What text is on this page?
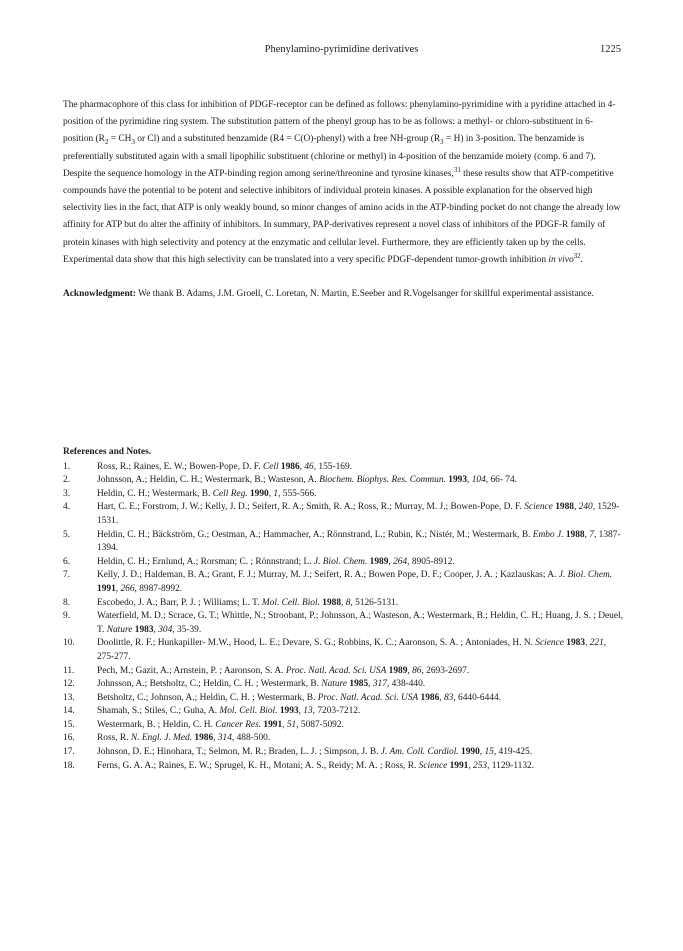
Phenylamino-pyrimidine derivatives	1225

The pharmacophore of this class for inhibition of PDGF-receptor can be defined as follows: phenylamino-pyrimidine with a pyridine attached in 4-position of the pyrimidine ring system. The substitution pattern of the phenyl group has to be as follows: a methyl- or chloro-substituent in 6-position ($R_2 = CH_3$ or Cl) and a substituted benzamide (R4 = C(O)-phenyl) with a free NH-group $(R_3 = H)$ in 3-position. The benzamide is preferentially substituted again with a small lipophilic substituent (chlorine or methyl) in 4-position of the benzamide moiety (comp. 6 and 7).

Despite the sequence homology in the ATP-binding region among serine/threonine and tyrosine kinases,$^{31}$ these results show that ATP-competitive compounds have the potential to be potent and selective inhibitors of individual protein kinases. A possible explanation for the observed high selectivity lies in the fact, that ATP is only weakly bound, so minor changes of amino acids in the ATP-binding pocket do not change the already low affinity for ATP but do alter the affinity of inhibitors. In summary, PAP-derivatives represent a novel class of inhibitors of the PDGF-R family of protein kinases with high selectivity and potency at the enzymatic and cellular level. Furthermore, they are efficiently taken up by the cells. Experimental data show that this high selectivity can be translated into a very specific PDGF-dependent tumor-growth inhibition in vivo$^{32}$.

Acknowledgment: We thank B. Adams, J.M. Groell, C. Loretan, N. Martin, E.Seeber and R.Vogelsanger for skillful experimental assistance.

References and Notes.
1.	Ross, R.; Raines, E. W.; Bowen-Pope, D. F. Cell 1986, 46, 155-169.
2.	Johnsson, A.; Heldin, C. H.; Westermark, B.; Wasteson, A. Biochem. Biophys. Res. Commun. 1993, 104, 66- 74.
3.	Heldin, C. H.; Westermark, B. Cell Reg. 1990, 1, 555-566.
4.	Hart, C. E.; Forstrom, J. W.; Kelly, J. D.; Seifert, R. A.; Smith, R. A.; Ross, R.; Murray, M. J.; Bowen-Pope, D. F. Science 1988, 240, 1529-1531.
5.	Heldin, C. H.; Bäckström, G.; Oestman, A.; Hammacher, A.; Rönnstrand, L.; Rubin, K.; Nistér, M.; Westermark, B. Embo J. 1988, 7, 1387-1394.
6.	Heldin, C. H.; Ernlund, A.; Rorsman; C. ; Rönnstrand; L. J. Biol. Chem. 1989, 264, 8905-8912.
7.	Kelly, J. D.; Haldeman, B. A.; Grant, F. J.; Murray, M. J.; Seifert, R. A.; Bowen Pope, D. F.; Cooper, J. A. ; Kazlauskas; A. J. Biol. Chem. 1991, 266, 8987-8992.
8.	Escobedo, J. A.; Barr, P. J. ; Williams; L. T. Mol. Cell. Biol. 1988, 8, 5126-5131.
9.	Waterfield, M. D.; Scrace, G. T.; Whittle, N.; Stroobant, P.; Johnsson, A.; Wasteson, A.; Westermark, B.; Heldin, C. H.; Huang, J. S. ; Deuel, T. Nature 1983, 304, 35-39.
10.	Doolittle, R. F.; Hunkapiller- M.W., Hood, L. E.; Devare, S. G.; Robbins, K. C.; Aaronson, S. A. ; Antoniades, H. N. Science 1983, 221, 275-277.
11.	Pech, M.; Gazit, A.; Arnstein, P. ; Aaronson, S. A. Proc. Natl. Acad. Sci. USA 1989, 86, 2693-2697.
12.	Johnsson, A.; Betsholtz, C.; Heldin, C. H. ; Westermark, B. Nature 1985, 317, 438-440.
13.	Betsholtz, C.; Johnson, A.; Heldin, C. H. ; Westermark, B. Proc. Natl. Acad. Sci. USA 1986, 83, 6440-6444.
14.	Shamah, S.; Stiles, C.; Guha, A. Mol. Cell. Biol. 1993, 13, 7203-7212.
15.	Westermark, B. ; Heldin, C. H. Cancer Res. 1991, 51, 5087-5092.
16.	Ross, R. N. Engl. J. Med. 1986, 314, 488-500.
17.	Johnson, D. E.; Hinohara, T.; Selmon, M. R.; Braden, L. J. ; Simpson, J. B. J. Am. Coll. Cardiol. 1990, 15, 419-425.
18.	Ferns, G. A. A.; Raines, E. W.; Sprugel, K. H., Motani; A. S., Reidy; M. A. ; Ross, R. Science 1991, 253, 1129-1132.
